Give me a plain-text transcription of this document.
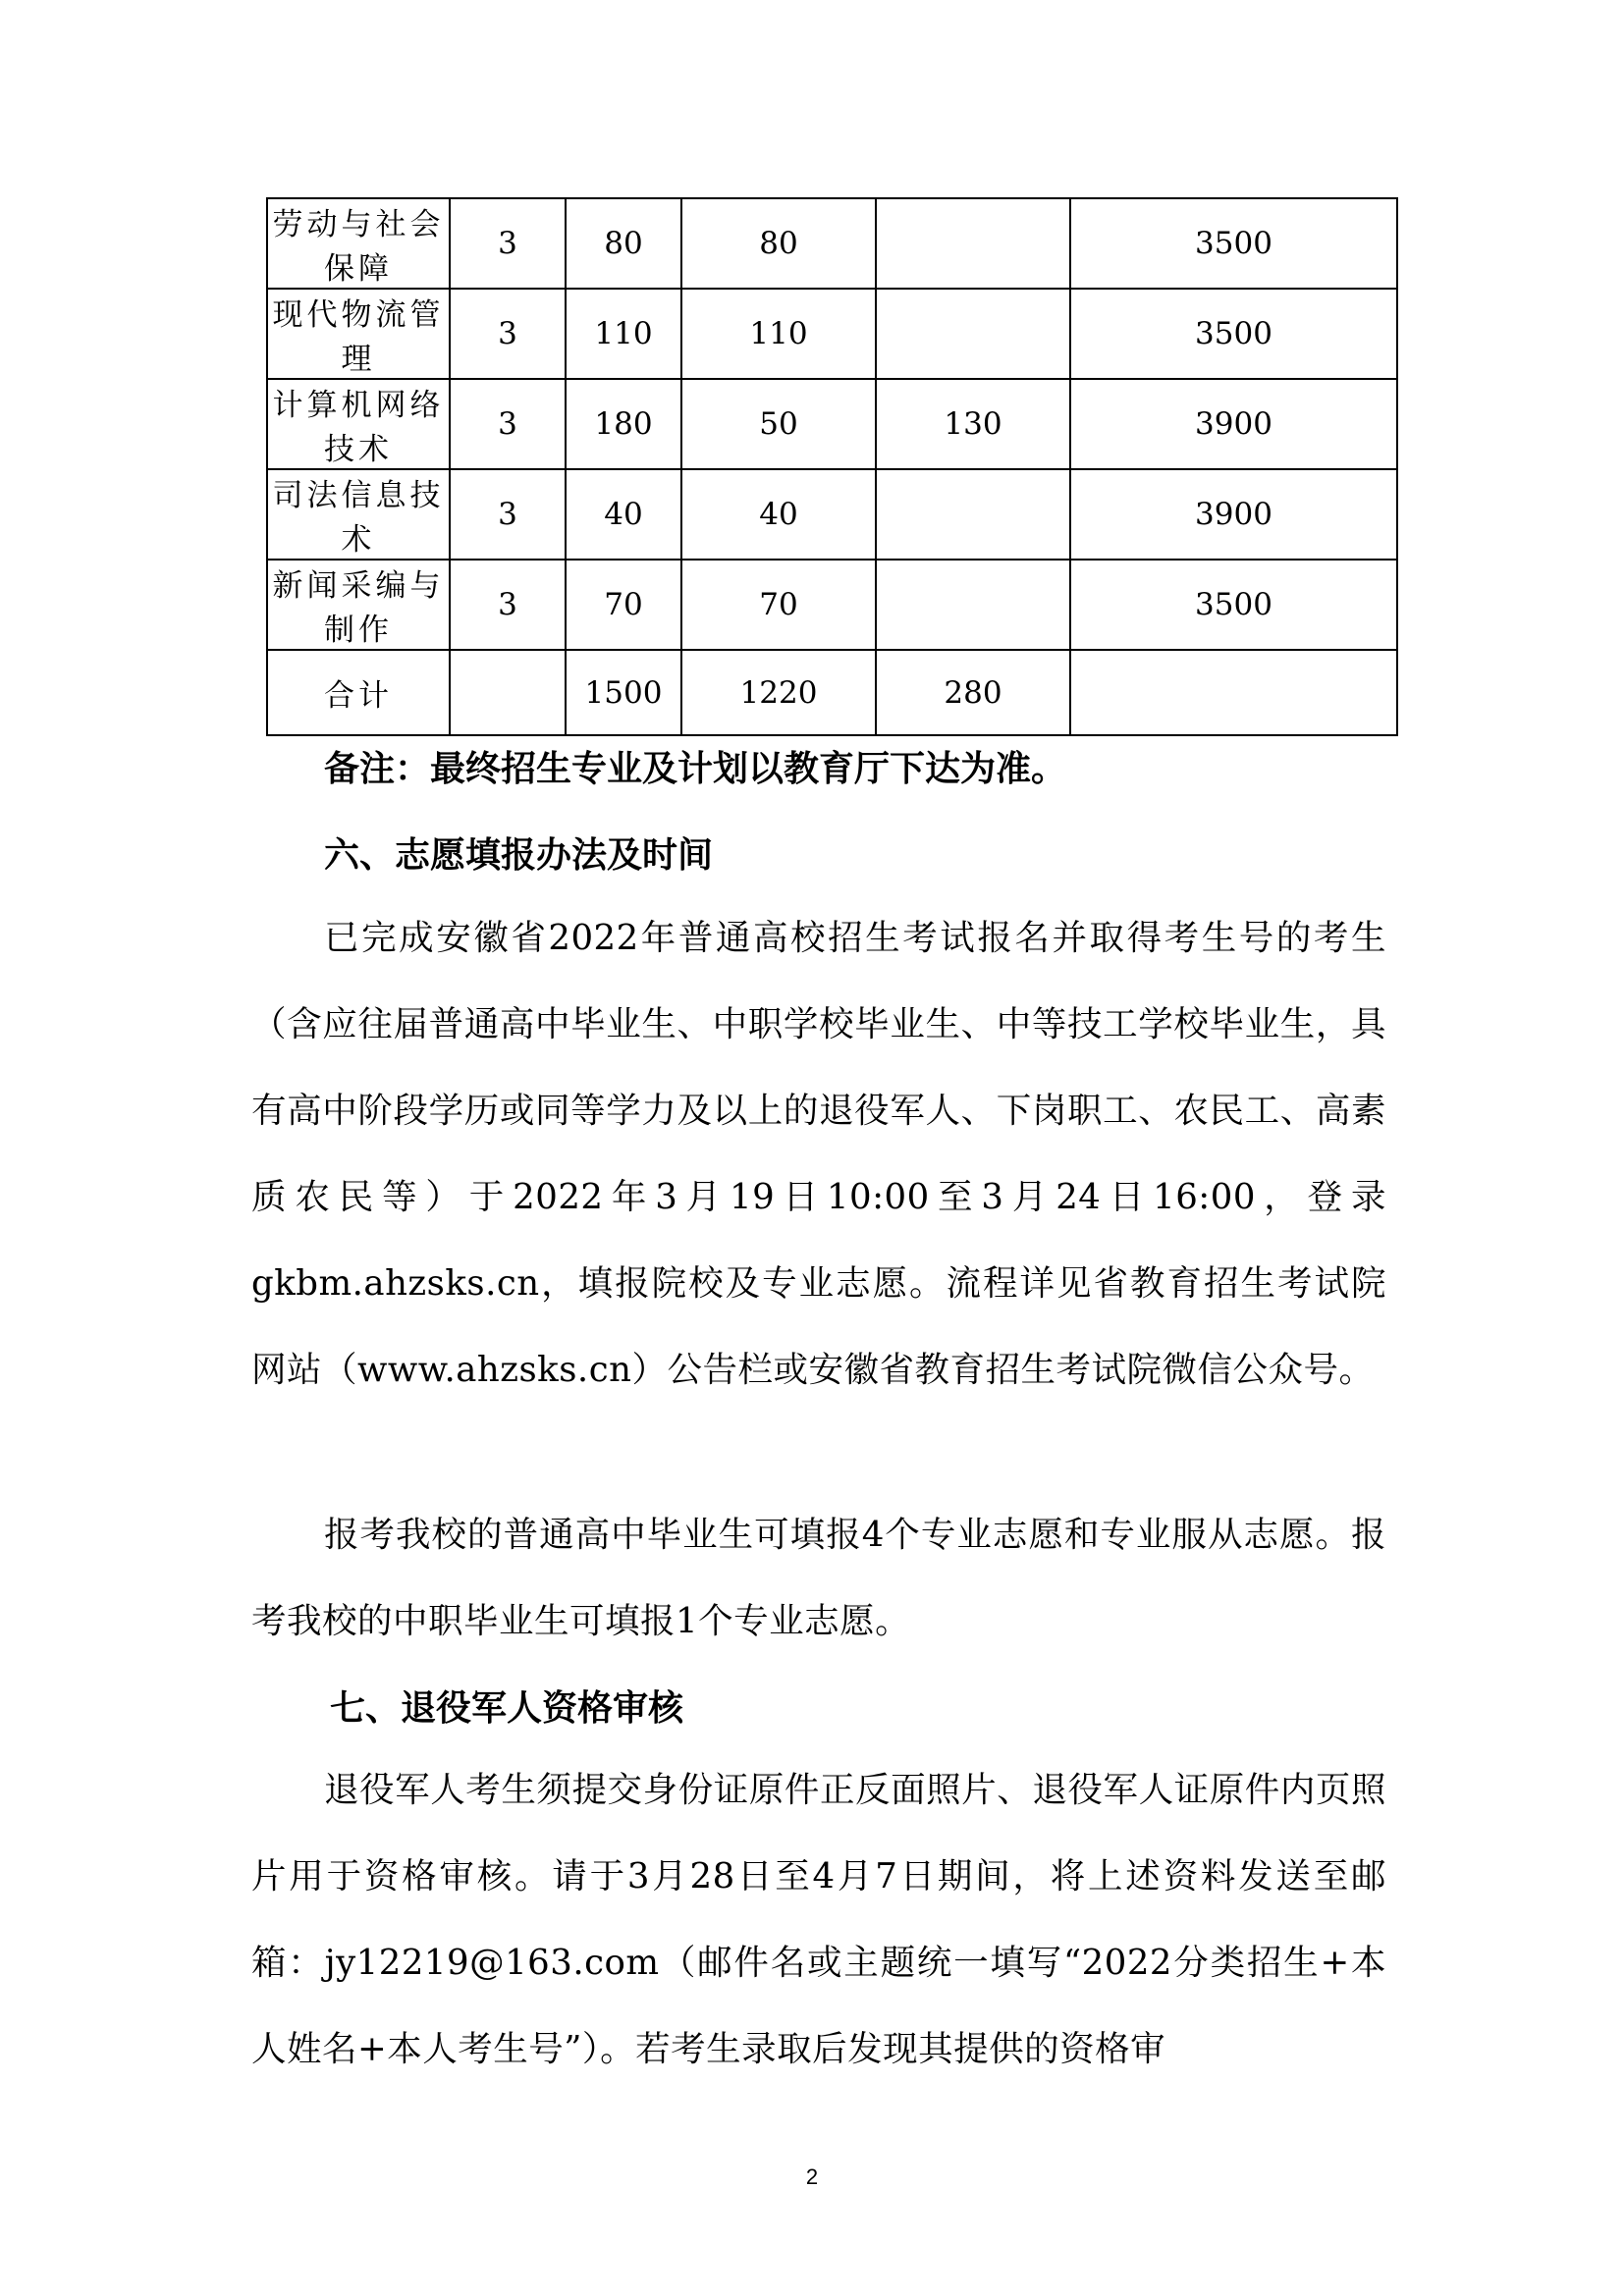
劳动与社会保障	3	80	80		3500
现代物流管理	3	110	110		3500
计算机网络技术	3	180	50	130	3900
司法信息技术	3	40	40		3900
新闻采编与制作	3	70	70		3500
合计		1500	1220	280	
备注：最终招生专业及计划以教育厅下达为准。
六、志愿填报办法及时间
已完成安徽省2022年普通高校招生考试报名并取得考生号的考生（含应往届普通高中毕业生、中职学校毕业生、中等技工学校毕业生，具有高中阶段学历或同等学力及以上的退役军人、下岗职工、农民工、高素质农民等）于2022年3月19日10:00至3月24日16:00，登录gkbm.ahzsks.cn，填报院校及专业志愿。流程详见省教育招生考试院网站（www.ahzsks.cn）公告栏或安徽省教育招生考试院微信公众号。
报考我校的普通高中毕业生可填报4个专业志愿和专业服从志愿。报考我校的中职毕业生可填报1个专业志愿。
七、退役军人资格审核
退役军人考生须提交身份证原件正反面照片、退役军人证原件内页照片用于资格审核。请于3月28日至4月7日期间，将上述资料发送至邮箱：jy12219@163.com（邮件名或主题统一填写“2022分类招生+本人姓名+本人考生号”）。若考生录取后发现其提供的资格审
2
